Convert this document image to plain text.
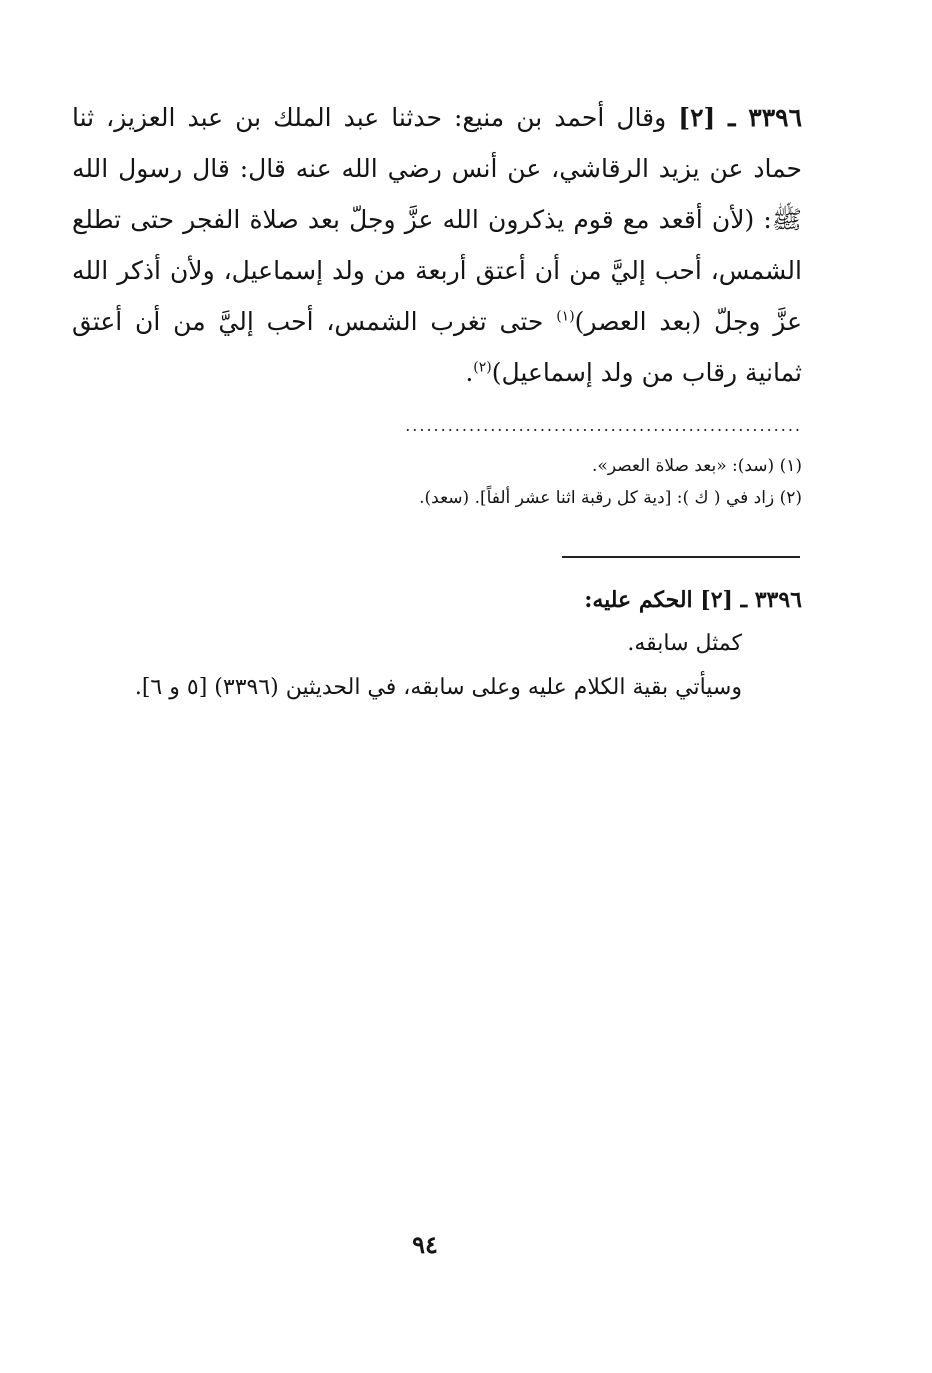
٣٣٩٦ ـ [٢] وقال أحمد بن منيع: حدثنا عبد الملك بن عبد العزيز، ثنا حماد عن يزيد الرقاشي، عن أنس رضي الله عنه قال: قال رسول الله ﷺ: (لأن أقعد مع قوم يذكرون الله عزَّ وجلّ بعد صلاة الفجر حتى تطلع الشمس، أحب إليَّ من أن أعتق أربعة من ولد إسماعيل، ولأن أذكر الله عزَّ وجلّ (بعد العصر)$^{(١)}$ حتى تغرب الشمس، أحب إليَّ من أن أعتق ثمانية رقاب من ولد إسماعيل)$^{(٢)}$.

........................................................
(١) (سد): «بعد صلاة العصر».
(٢) زاد في ( ك ): [دية كل رقبة اثنا عشر ألفاً]. (سعد).
٣٣٩٦ ـ [٢] الحكم عليه:
كمثل سابقه.
وسيأتي بقية الكلام عليه وعلى سابقه، في الحديثين (٣٣٩٦) [٥ و ٦].
٩٤
